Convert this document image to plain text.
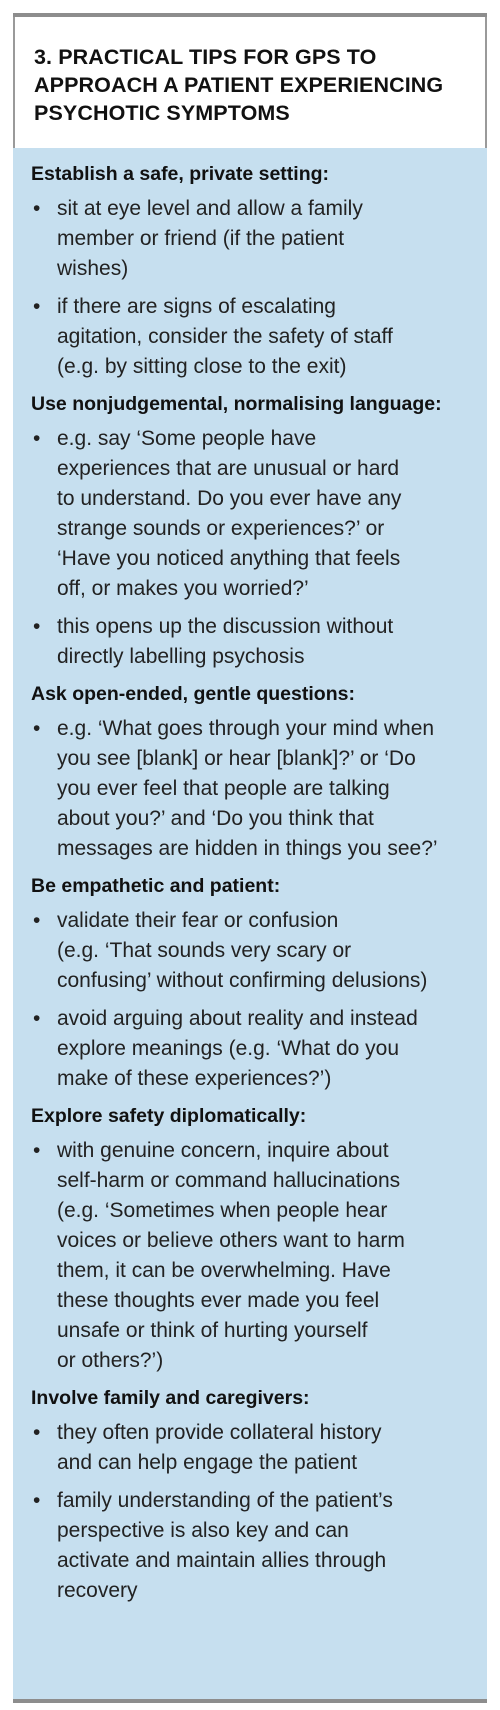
3. PRACTICAL TIPS FOR GPS TO
APPROACH A PATIENT EXPERIENCING
PSYCHOTIC SYMPTOMS
Establish a safe, private setting:
• sit at eye level and allow a family
member or friend (if the patient
wishes)
• if there are signs of escalating
agitation, consider the safety of staff
(e.g. by sitting close to the exit)
Use nonjudgemental, normalising language:
• e.g. say ‘Some people have
experiences that are unusual or hard
to understand. Do you ever have any
strange sounds or experiences?’ or
‘Have you noticed anything that feels
off, or makes you worried?’
• this opens up the discussion without
directly labelling psychosis
Ask open-ended, gentle questions:
• e.g. ‘What goes through your mind when
you see [blank] or hear [blank]?’ or ‘Do
you ever feel that people are talking
about you?’ and ‘Do you think that
messages are hidden in things you see?’
Be empathetic and patient:
• validate their fear or confusion
(e.g. ‘That sounds very scary or
confusing’ without confirming delusions)
• avoid arguing about reality and instead
explore meanings (e.g. ‘What do you
make of these experiences?’)
Explore safety diplomatically:
• with genuine concern, inquire about
self-harm or command hallucinations
(e.g. ‘Sometimes when people hear
voices or believe others want to harm
them, it can be overwhelming. Have
these thoughts ever made you feel
unsafe or think of hurting yourself
or others?’)
Involve family and caregivers:
• they often provide collateral history
and can help engage the patient
• family understanding of the patient’s
perspective is also key and can
activate and maintain allies through
recovery
